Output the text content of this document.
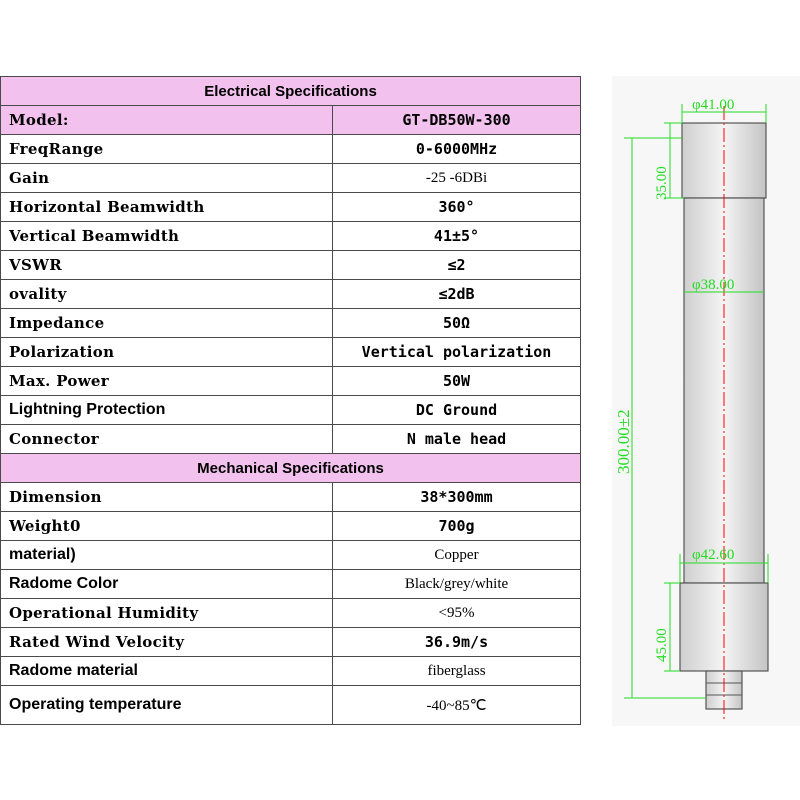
Electrical Specifications	
Model:	GT-DB50W-300
FreqRange	0-6000MHz
Gain	-25 -6DBi
Horizontal Beamwidth	360°
Vertical Beamwidth	41±5°
VSWR	≤2
ovality	≤2dB
Impedance	50Ω
Polarization	Vertical polarization
Max. Power	50W
Lightning Protection	DC Ground
Connector	N male head
Mechanical Specifications	
Dimension	38*300mm
Weight0	700g
material)	Copper
Radome Color	Black/grey/white
Operational Humidity	<95%
Rated Wind Velocity	36.9m/s
Radome material	fiberglass
Operating temperature	-40~85℃
φ41.00
φ38.00
φ42.60
35.00
300.00±2
45.00
